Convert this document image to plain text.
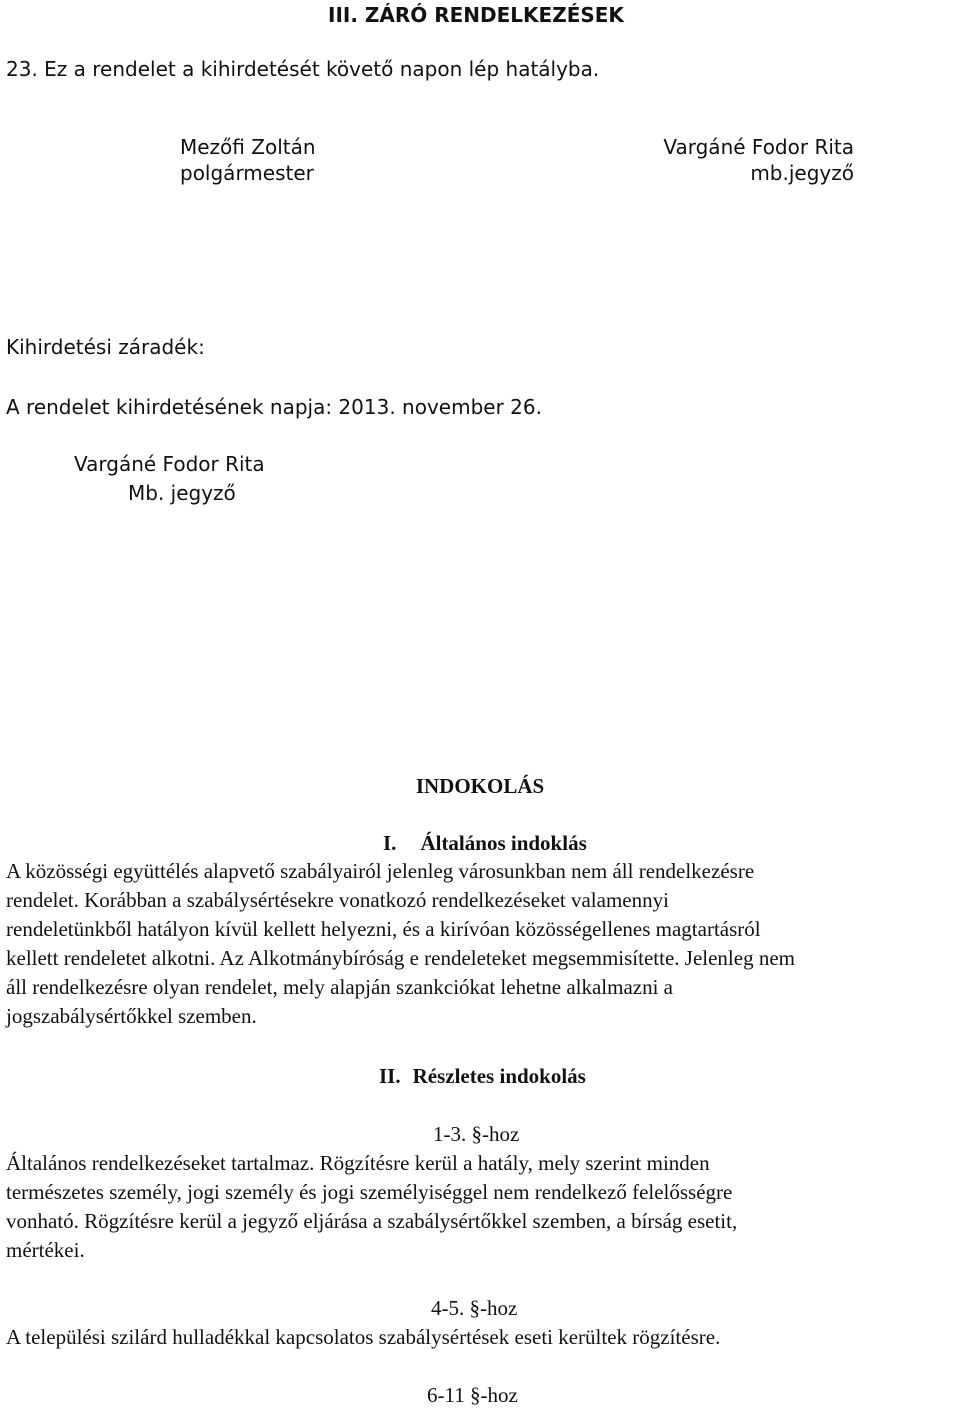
III. ZÁRÓ RENDELKEZÉSEK
23. Ez a rendelet a kihirdetését követő napon lép hatályba.
Mezőfi Zoltán
polgármester
Vargáné Fodor Rita
mb.jegyző
Kihirdetési záradék:
A rendelet kihirdetésének napja: 2013. november 26.
Vargáné Fodor Rita
Mb. jegyző
INDOKOLÁS
I. Általános indoklás

A közösségi együttélés alapvető szabályairól jelenleg városunkban nem áll rendelkezésre

rendelet. Korábban a szabálysértésekre vonatkozó rendelkezéseket valamennyi

rendeletünkből hatályon kívül kellett helyezni, és a kirívóan közösségellenes magtartásról

kellett rendeletet alkotni. Az Alkotmánybíróság e rendeleteket megsemmisítette. Jelenleg nem

áll rendelkezésre olyan rendelet, mely alapján szankciókat lehetne alkalmazni a

jogszabálysértőkkel szemben.

II. Részletes indokolás
1-3. §-hoz

Általános rendelkezéseket tartalmaz. Rögzítésre kerül a hatály, mely szerint minden

természetes személy, jogi személy és jogi személyiséggel nem rendelkező felelősségre

vonható. Rögzítésre kerül a jegyző eljárása a szabálysértőkkel szemben, a bírság esetit,

mértékei.

4-5. §-hoz

A települési szilárd hulladékkal kapcsolatos szabálysértések eseti kerültek rögzítésre.

6-11 §-hoz
